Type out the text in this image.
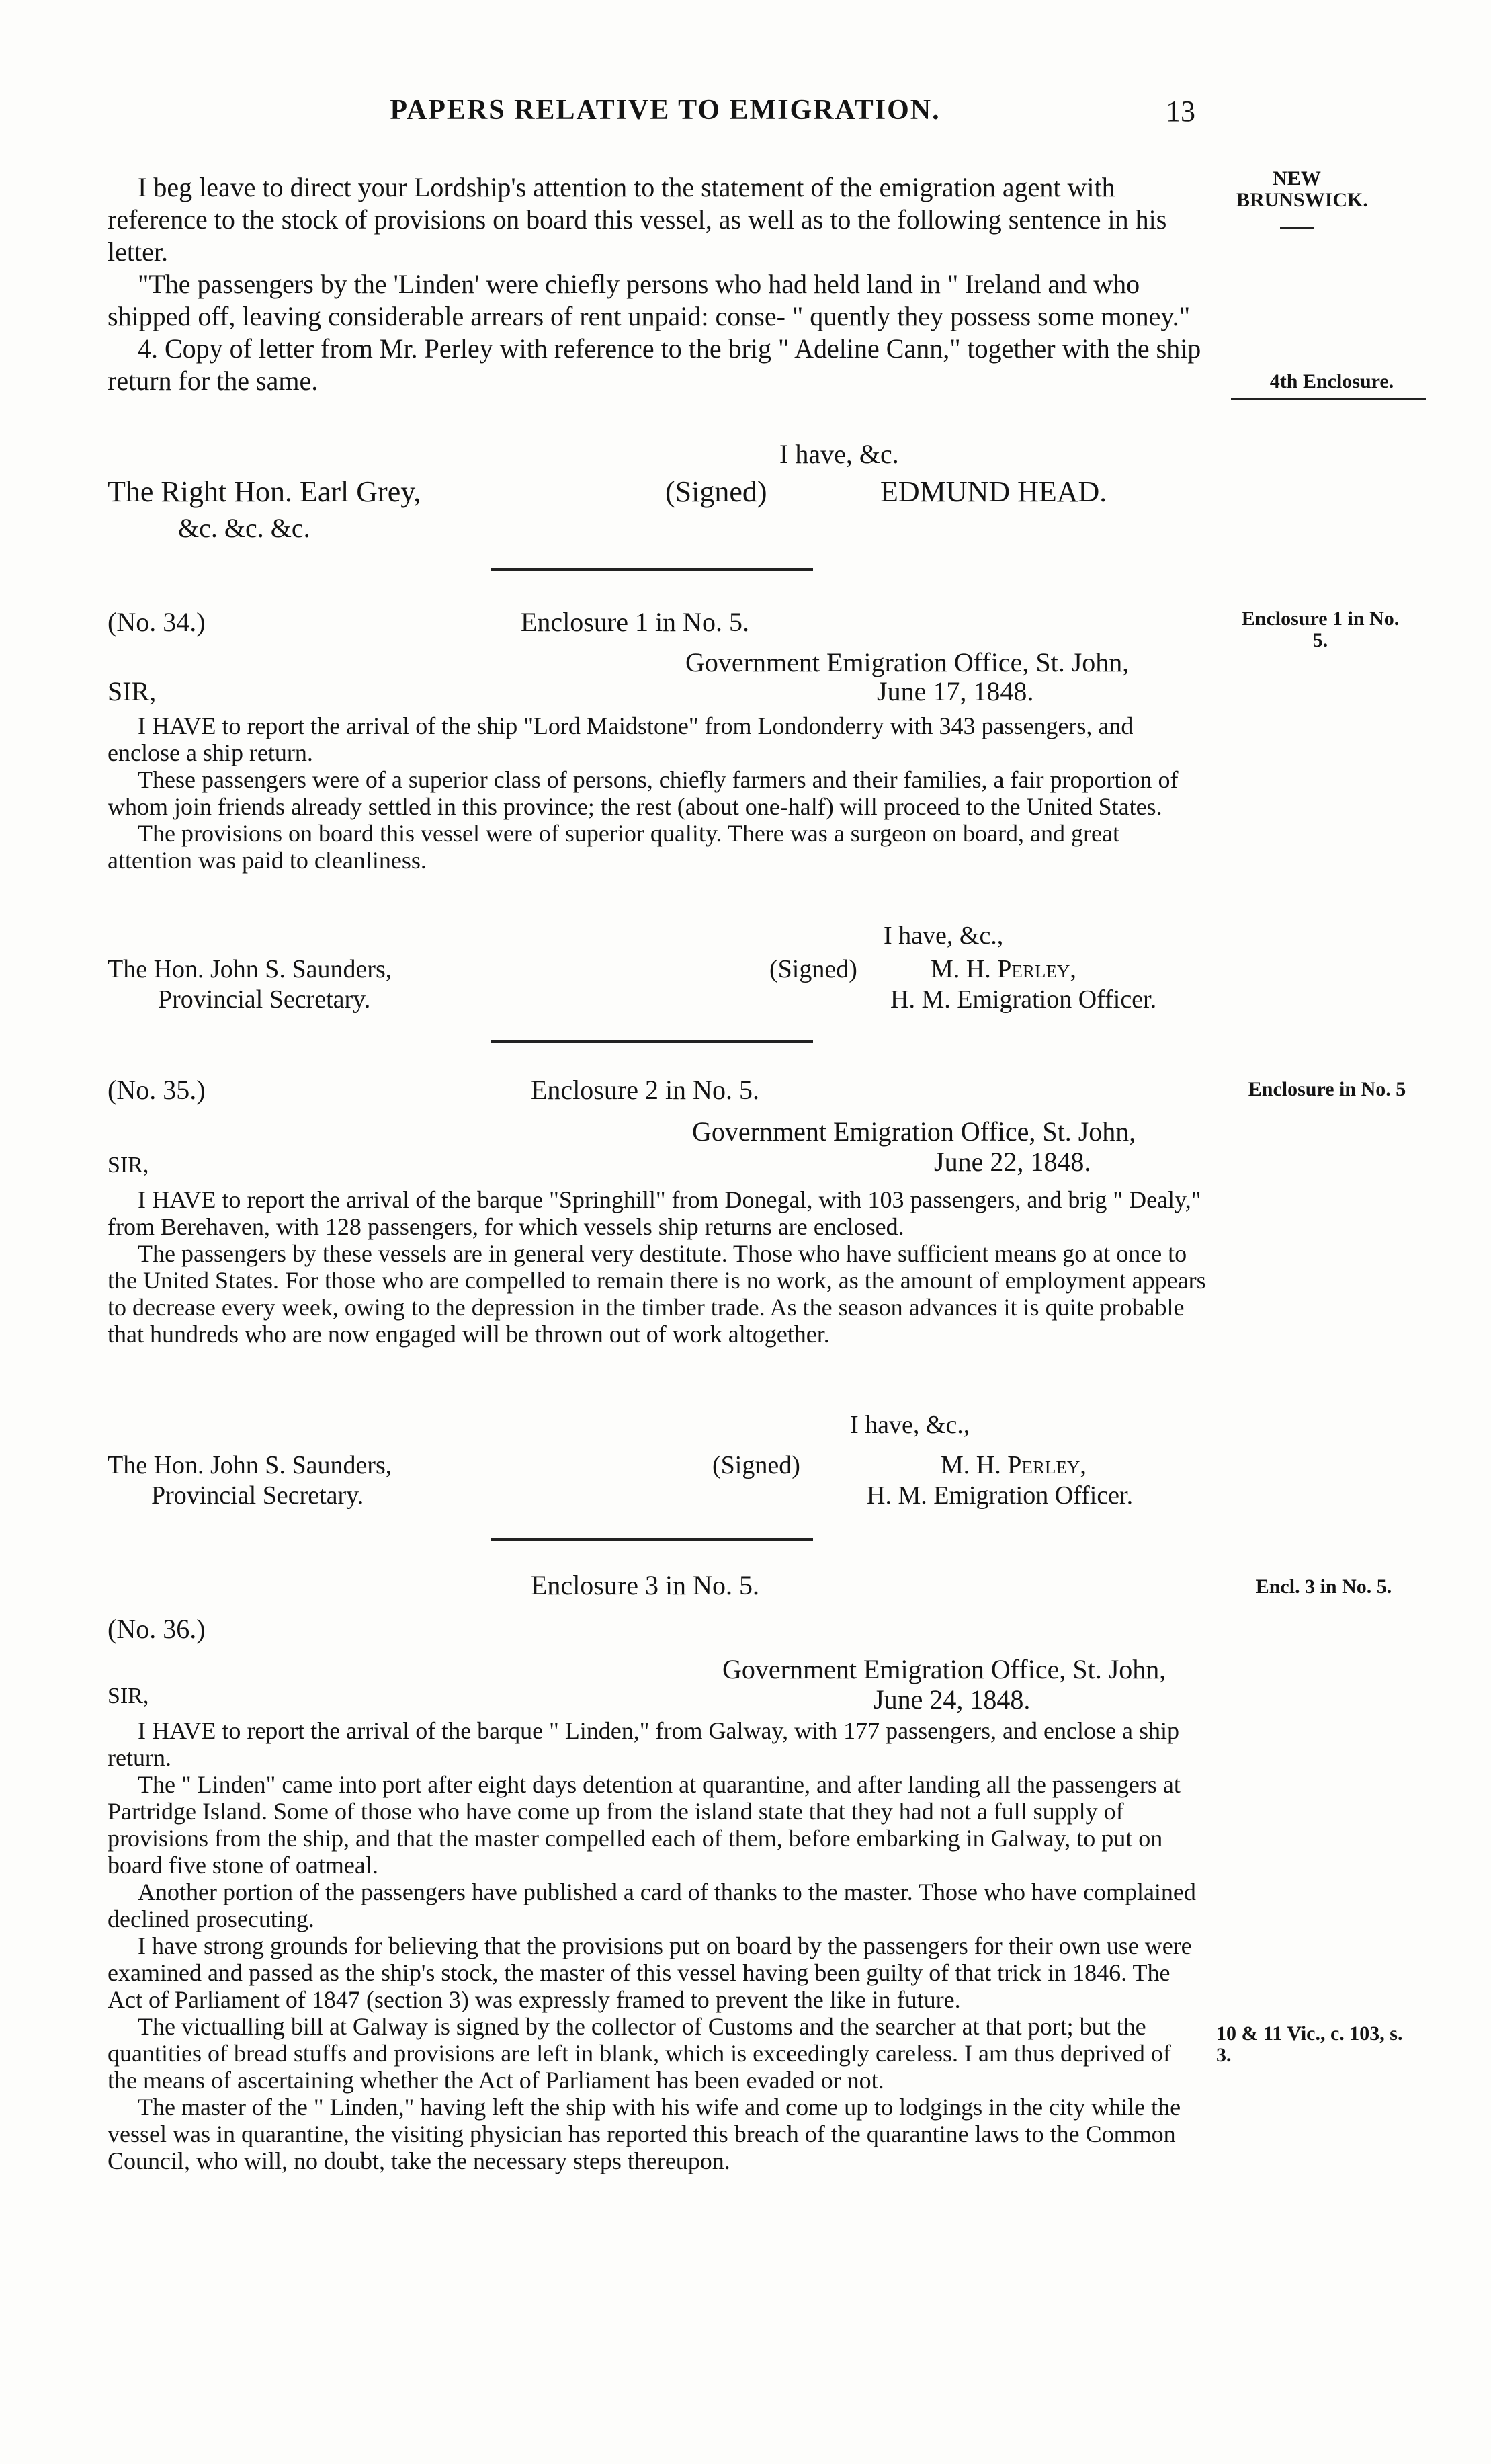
PAPERS RELATIVE TO EMIGRATION.	13
NEW BRUNSWICK.
4th Enclosure.
Enclosure 1 in No. 5.
Enclosure in No. 5
Encl. 3 in No. 5.
10 & 11 Vic., c. 103, s. 3.

I beg leave to direct your Lordship's attention to the statement of the emigration agent with reference to the stock of provisions on board this vessel, as well as to the following sentence in his letter.

"The passengers by the 'Linden' were chiefly persons who had held land in " Ireland and who shipped off, leaving considerable arrears of rent unpaid: conse- " quently they possess some money."

4. Copy of letter from Mr. Perley with reference to the brig " Adeline Cann," together with the ship return for the same.

I have, &c.
The Right Hon. Earl Grey,
&c. &c. &c.
(Signed)	EDMUND HEAD.
(No. 34.)	Enclosure 1 in No. 5.
Government Emigration Office, St. John,
June 17, 1848.
SIR,

I HAVE to report the arrival of the ship "Lord Maidstone" from Londonderry with 343 passengers, and enclose a ship return.

These passengers were of a superior class of persons, chiefly farmers and their families, a fair proportion of whom join friends already settled in this province; the rest (about one-half) will proceed to the United States.

The provisions on board this vessel were of superior quality. There was a surgeon on board, and great attention was paid to cleanliness.

I have, &c.,
The Hon. John S. Saunders,
Provincial Secretary.
(Signed)	M. H. Perley,
H. M. Emigration Officer.
(No. 35.)	Enclosure 2 in No. 5.
Government Emigration Office, St. John,
June 22, 1848.
SIR,

I HAVE to report the arrival of the barque "Springhill" from Donegal, with 103 passengers, and brig " Dealy," from Berehaven, with 128 passengers, for which vessels ship returns are enclosed.

The passengers by these vessels are in general very destitute. Those who have sufficient means go at once to the United States. For those who are compelled to remain there is no work, as the amount of employment appears to decrease every week, owing to the depression in the timber trade. As the season advances it is quite probable that hundreds who are now engaged will be thrown out of work altogether.

I have, &c.,
The Hon. John S. Saunders,
Provincial Secretary.
(Signed)	M. H. Perley,
H. M. Emigration Officer.
Enclosure 3 in No. 5.
(No. 36.)
Government Emigration Office, St. John,
June 24, 1848.
SIR,

I HAVE to report the arrival of the barque " Linden," from Galway, with 177 passengers, and enclose a ship return.

The " Linden" came into port after eight days detention at quarantine, and after landing all the passengers at Partridge Island. Some of those who have come up from the island state that they had not a full supply of provisions from the ship, and that the master compelled each of them, before embarking in Galway, to put on board five stone of oatmeal.

Another portion of the passengers have published a card of thanks to the master. Those who have complained declined prosecuting.

I have strong grounds for believing that the provisions put on board by the passengers for their own use were examined and passed as the ship's stock, the master of this vessel having been guilty of that trick in 1846. The Act of Parliament of 1847 (section 3) was expressly framed to prevent the like in future.

The victualling bill at Galway is signed by the collector of Customs and the searcher at that port; but the quantities of bread stuffs and provisions are left in blank, which is exceedingly careless. I am thus deprived of the means of ascertaining whether the Act of Parliament has been evaded or not.

The master of the " Linden," having left the ship with his wife and come up to lodgings in the city while the vessel was in quarantine, the visiting physician has reported this breach of the quarantine laws to the Common Council, who will, no doubt, take the necessary steps thereupon.
